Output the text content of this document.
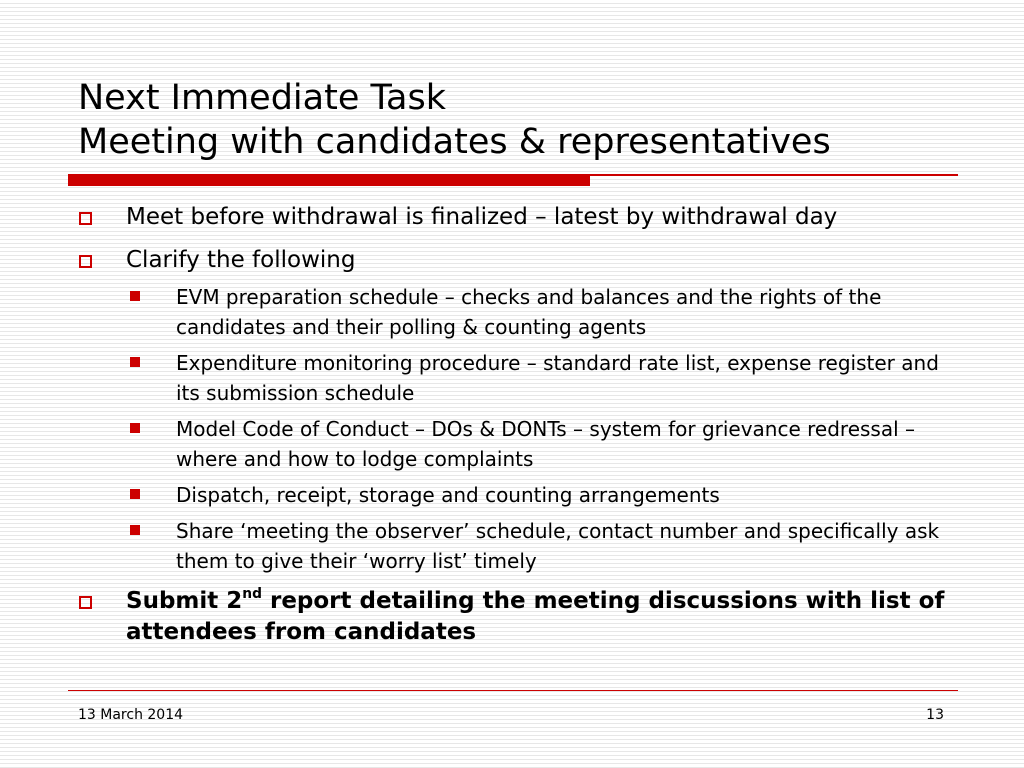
Next Immediate Task
Meeting with candidates & representatives
Meet before withdrawal is finalized – latest by withdrawal day
Clarify the following
EVM preparation schedule – checks and balances and the rights of the candidates and their polling & counting agents
Expenditure monitoring procedure – standard rate list, expense register and its submission schedule
Model Code of Conduct – DOs & DONTs – system for grievance redressal – where and how to lodge complaints
Dispatch, receipt, storage and counting arrangements
Share ‘meeting the observer’ schedule, contact number and specifically ask them to give their ‘worry list’ timely
Submit 2nd report detailing the meeting discussions with list of attendees from candidates
13 March 2014	13
